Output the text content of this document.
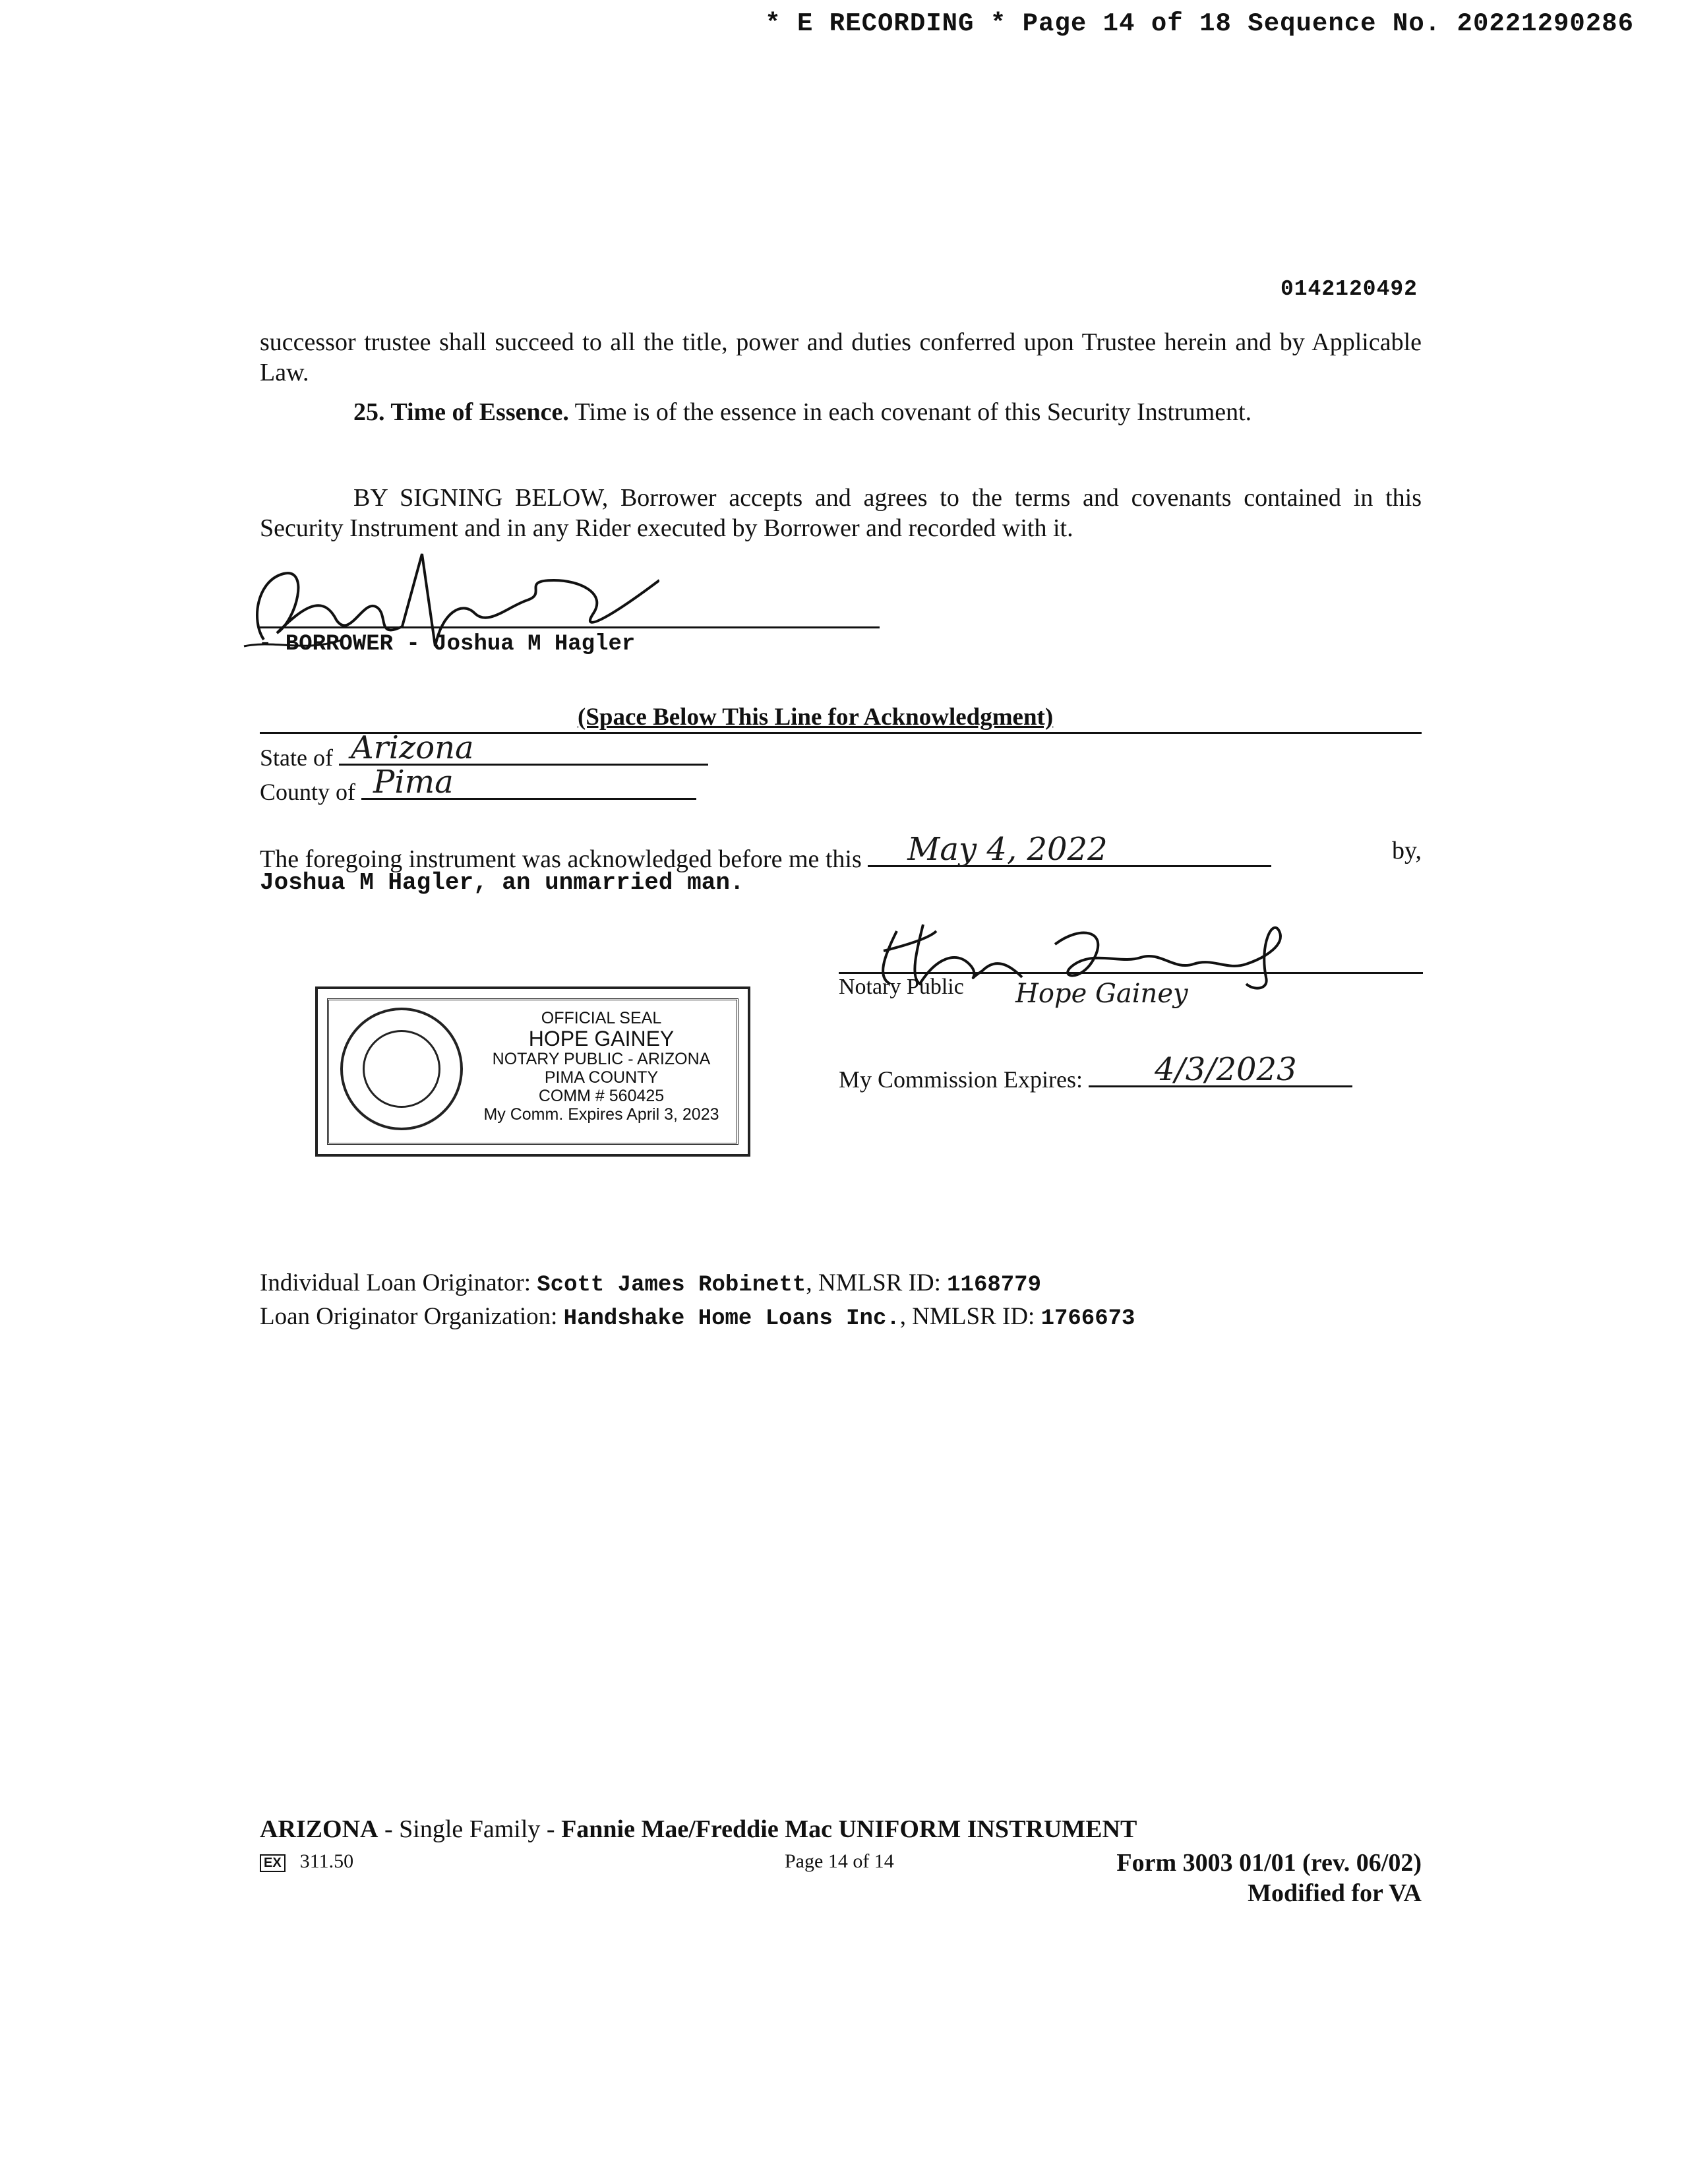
* E RECORDING * Page 14 of 18 Sequence No. 20221290286
0142120492
successor trustee shall succeed to all the title, power and duties conferred upon Trustee herein and by Applicable Law.
25. Time of Essence. Time is of the essence in each covenant of this Security Instrument.
BY SIGNING BELOW, Borrower accepts and agrees to the terms and covenants contained in this Security Instrument and in any Rider executed by Borrower and recorded with it.
- BORROWER - Joshua M Hagler
(Space Below This Line for Acknowledgment)
State of Arizona
County of Pima
The foregoing instrument was acknowledged before me this May 4, 2022	by,
Joshua M Hagler, an unmarried man.
Notary Public Hope Gainey
My Commission Expires: 4/3/2023
OFFICIAL SEAL
HOPE GAINEY
NOTARY PUBLIC - ARIZONA
PIMA COUNTY
COMM # 560425
My Comm. Expires April 3, 2023
Individual Loan Originator: Scott James Robinett, NMLSR ID: 1168779
Loan Originator Organization: Handshake Home Loans Inc., NMLSR ID: 1766673
ARIZONA - Single Family - Fannie Mae/Freddie Mac UNIFORM INSTRUMENT
EX 311.50	Page 14 of 14	Form 3003 01/01 (rev. 06/02)
Modified for VA
